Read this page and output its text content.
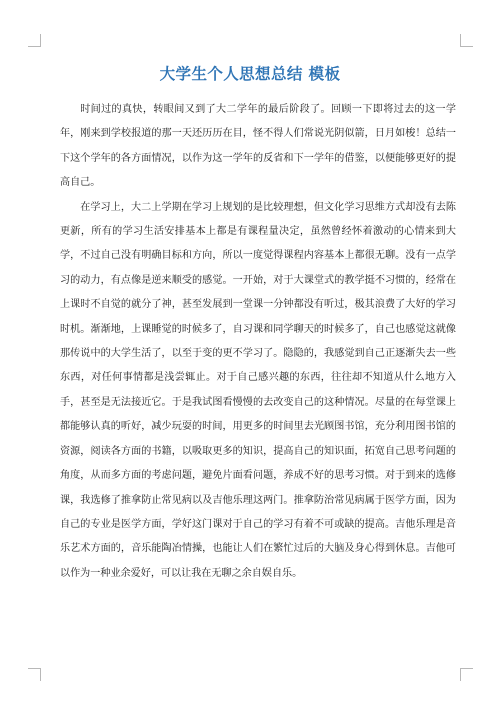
大学生个人思想总结 模板

时间过的真快，转眼间又到了大二学年的最后阶段了。回顾一下即将过去的这一学年，刚来到学校报道的那一天还历历在目，怪不得人们常说光阴似箭，日月如梭！总结一下这个学年的各方面情况，以作为这一学年的反省和下一学年的借鉴，以便能够更好的提高自己。

在学习上，大二上学期在学习上规划的是比较理想，但文化学习思维方式却没有去陈更新，所有的学习生活安排基本上都是有课程量决定，虽然曾经怀着激动的心情来到大学，不过自己没有明确目标和方向，所以一度觉得课程内容基本上都很无聊。没有一点学习的动力，有点像是逆来顺受的感觉。一开始，对于大课堂式的教学挺不习惯的，经常在上课时不自觉的就分了神，甚至发展到一堂课一分钟都没有听过，极其浪费了大好的学习时机。渐渐地，上课睡觉的时候多了，自习课和同学聊天的时候多了，自己也感觉这就像那传说中的大学生活了，以至于变的更不学习了。隐隐的，我感觉到自己正逐渐失去一些东西，对任何事情都是浅尝辄止。对于自己感兴趣的东西，往往却不知道从什么地方入手，甚至是无法接近它。于是我试图看慢慢的去改变自己的这种情况。尽量的在每堂课上都能够认真的听好，减少玩耍的时间，用更多的时间里去光顾图书馆，充分利用图书馆的资源，阅读各方面的书籍，以吸取更多的知识，提高自己的知识面，拓宽自己思考问题的角度，从而多方面的考虑问题，避免片面看问题，养成不好的思考习惯。对于到来的选修课，我选修了推拿防止常见病以及吉他乐理这两门。推拿防治常见病属于医学方面，因为自己的专业是医学方面，学好这门课对于自己的学习有着不可或缺的提高。吉他乐理是音乐艺术方面的，音乐能陶冶情操，也能让人们在繁忙过后的大脑及身心得到休息。吉他可以作为一种业余爱好，可以让我在无聊之余自娱自乐。
